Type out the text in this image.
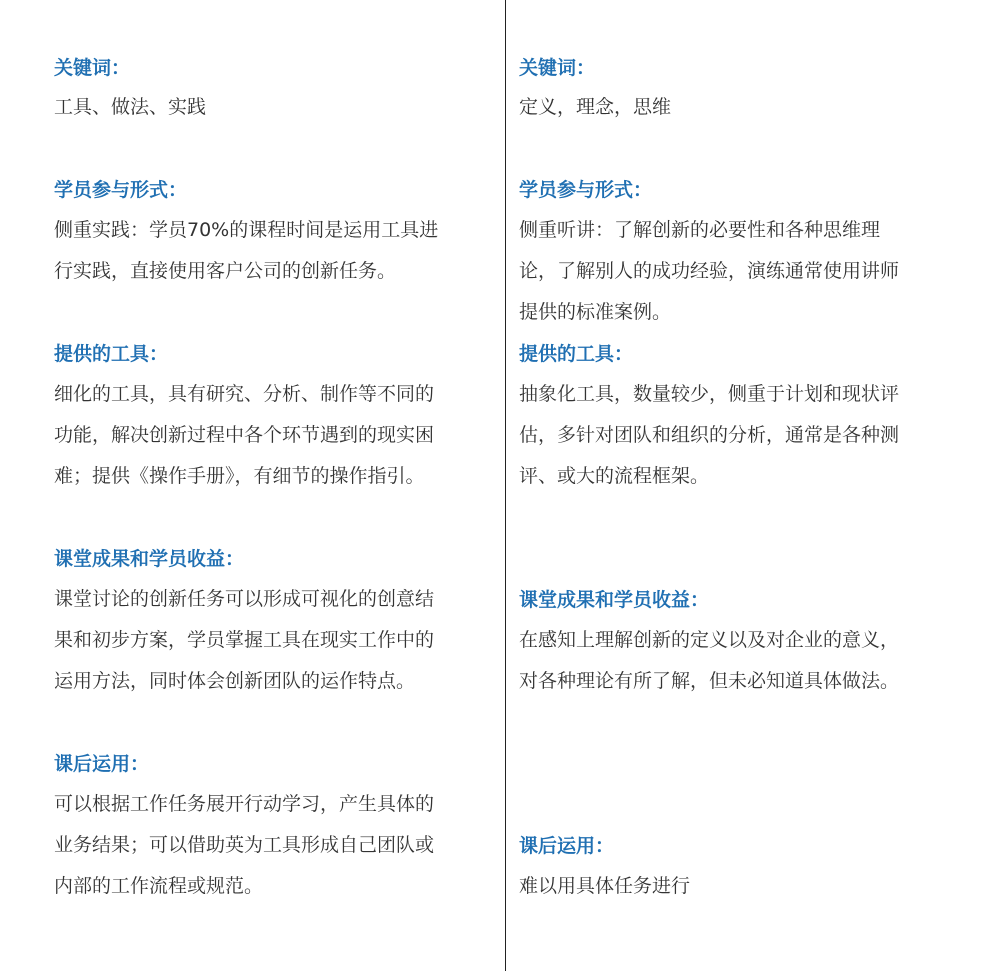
关键词：
工具、做法、实践
学员参与形式：
侧重实践：学员70%的课程时间是运用工具进
行实践，直接使用客户公司的创新任务。
提供的工具：
细化的工具，具有研究、分析、制作等不同的
功能，解决创新过程中各个环节遇到的现实困
难；提供《操作手册》，有细节的操作指引。
课堂成果和学员收益：
课堂讨论的创新任务可以形成可视化的创意结
果和初步方案，学员掌握工具在现实工作中的
运用方法，同时体会创新团队的运作特点。
课后运用：
可以根据工作任务展开行动学习，产生具体的
业务结果；可以借助英为工具形成自己团队或
内部的工作流程或规范。
关键词：
定义，理念，思维
学员参与形式：
侧重听讲：了解创新的必要性和各种思维理
论，了解别人的成功经验，演练通常使用讲师
提供的标准案例。
提供的工具：
抽象化工具，数量较少，侧重于计划和现状评
估，多针对团队和组织的分析，通常是各种测
评、或大的流程框架。
课堂成果和学员收益：
在感知上理解创新的定义以及对企业的意义，
对各种理论有所了解，但未必知道具体做法。
课后运用：
难以用具体任务进行
